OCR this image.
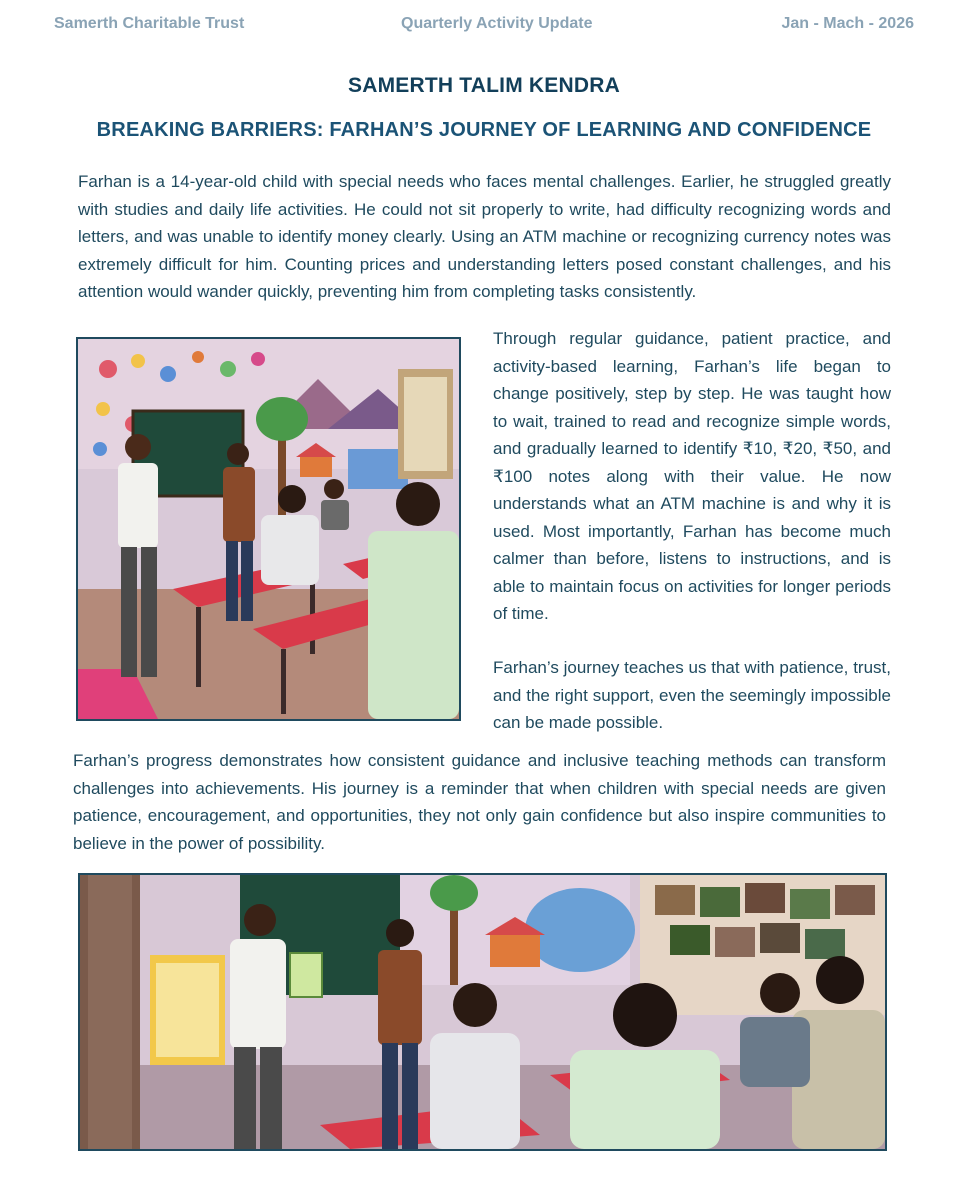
Samerth Charitable Trust	Quarterly Activity Update	Jan - Mach - 2026
SAMERTH TALIM KENDRA
BREAKING BARRIERS: FARHAN’S JOURNEY OF LEARNING AND CONFIDENCE

Farhan is a 14-year-old child with special needs who faces mental challenges. Earlier, he struggled greatly with studies and daily life activities. He could not sit properly to write, had difficulty recognizing words and letters, and was unable to identify money clearly. Using an ATM machine or recognizing currency notes was extremely difficult for him. Counting prices and understanding letters posed constant challenges, and his attention would wander quickly, preventing him from completing tasks consistently.

Through regular guidance, patient practice, and activity-based learning, Farhan’s life began to change positively, step by step. He was taught how to wait, trained to read and recognize simple words, and gradually learned to identify ₹10, ₹20, ₹50, and ₹100 notes along with their value. He now understands what an ATM machine is and why it is used. Most importantly, Farhan has become much calmer than before, listens to instructions, and is able to maintain focus on activities for longer periods of time.

Farhan’s journey teaches us that with patience, trust, and the right support, even the seemingly impossible can be made possible.

Farhan’s progress demonstrates how consistent guidance and inclusive teaching methods can transform challenges into achievements. His journey is a reminder that when children with special needs are given patience, encouragement, and opportunities, they not only gain confidence but also inspire communities to believe in the power of possibility.
